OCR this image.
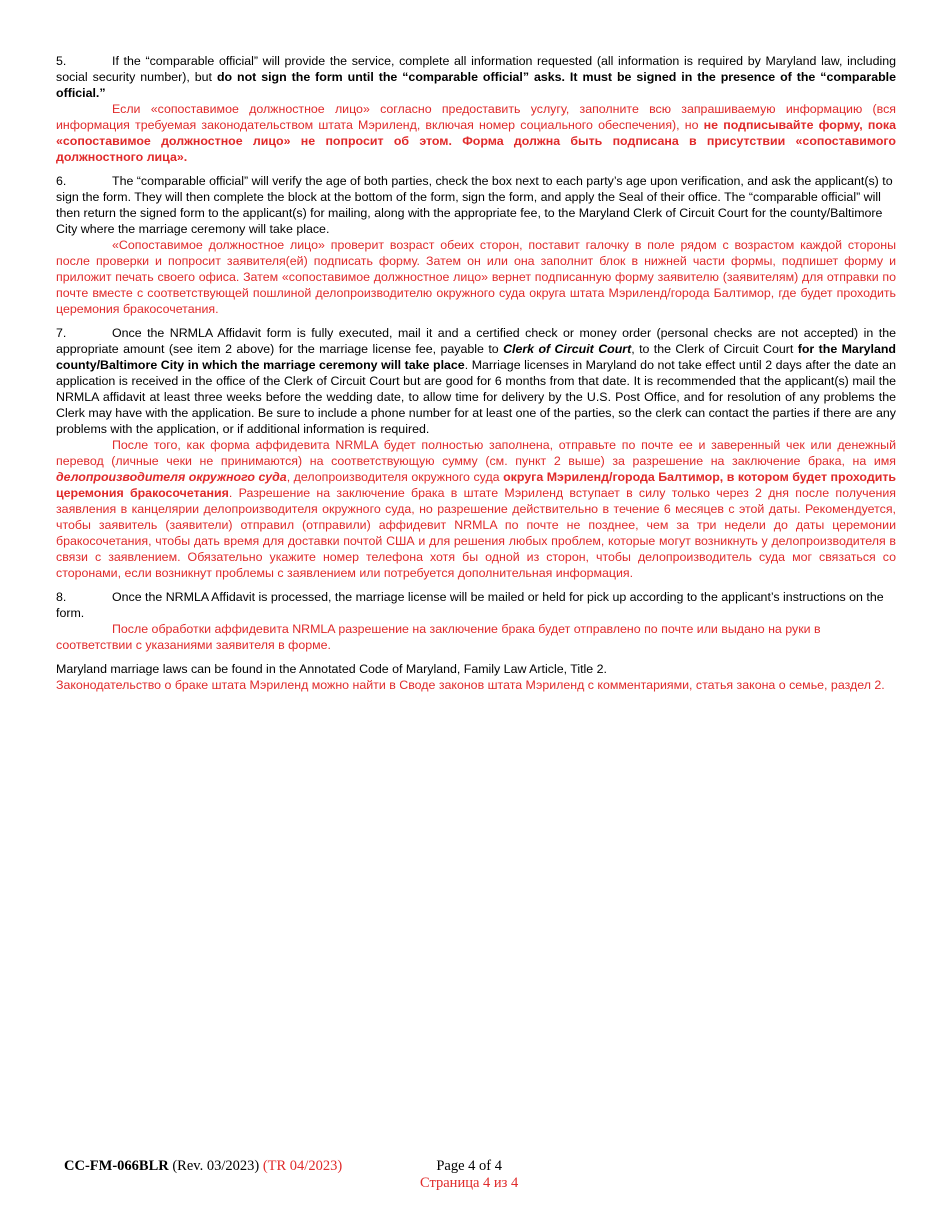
5.	If the “comparable official” will provide the service, complete all information requested (all information is required by Maryland law, including social security number), but do not sign the form until the “comparable official” asks. It must be signed in the presence of the “comparable official.”
Если «сопоставимое должностное лицо» согласно предоставить услугу, заполните всю запрашиваемую информацию (вся информация требуемая законодательством штата Мэриленд, включая номер социального обеспечения), но не подписывайте форму, пока «сопоставимое должностное лицо» не попросит об этом. Форма должна быть подписана в присутствии «сопоставимого должностного лица».
6.	The “comparable official” will verify the age of both parties, check the box next to each party’s age upon verification, and ask the applicant(s) to sign the form. They will then complete the block at the bottom of the form, sign the form, and apply the Seal of their office. The “comparable official” will then return the signed form to the applicant(s) for mailing, along with the appropriate fee, to the Maryland Clerk of Circuit Court for the county/Baltimore City where the marriage ceremony will take place.
«Сопоставимое должностное лицо» проверит возраст обеих сторон, поставит галочку в поле рядом с возрастом каждой стороны после проверки и попросит заявителя(ей) подписать форму. Затем он или она заполнит блок в нижней части формы, подпишет форму и приложит печать своего офиса. Затем «сопоставимое должностное лицо» вернет подписанную форму заявителю (заявителям) для отправки по почте вместе с соответствующей пошлиной делопроизводителю окружного суда округа штата Мэриленд/города Балтимор, где будет проходить церемония бракосочетания.
7.	Once the NRMLA Affidavit form is fully executed, mail it and a certified check or money order (personal checks are not accepted) in the appropriate amount (see item 2 above) for the marriage license fee, payable to Clerk of Circuit Court, to the Clerk of Circuit Court for the Maryland county/Baltimore City in which the marriage ceremony will take place. Marriage licenses in Maryland do not take effect until 2 days after the date an application is received in the office of the Clerk of Circuit Court but are good for 6 months from that date. It is recommended that the applicant(s) mail the NRMLA affidavit at least three weeks before the wedding date, to allow time for delivery by the U.S. Post Office, and for resolution of any problems the Clerk may have with the application. Be sure to include a phone number for at least one of the parties, so the clerk can contact the parties if there are any problems with the application, or if additional information is required.
После того, как форма аффидевита NRMLA будет полностью заполнена, отправьте по почте ее и заверенный чек или денежный перевод (личные чеки не принимаются) на соответствующую сумму (см. пункт 2 выше) за разрешение на заключение брака, на имя делопроизводителя окружного суда, делопроизводителя окружного суда округа Мэриленд/города Балтимор, в котором будет проходить церемония бракосочетания. Разрешение на заключение брака в штате Мэриленд вступает в силу только через 2 дня после получения заявления в канцелярии делопроизводителя окружного суда, но разрешение действительно в течение 6 месяцев с этой даты. Рекомендуется, чтобы заявитель (заявители) отправил (отправили) аффидевит NRMLA по почте не позднее, чем за три недели до даты церемонии бракосочетания, чтобы дать время для доставки почтой США и для решения любых проблем, которые могут возникнуть у делопроизводителя в связи с заявлением. Обязательно укажите номер телефона хотя бы одной из сторон, чтобы делопроизводитель суда мог связаться со сторонами, если возникнут проблемы с заявлением или потребуется дополнительная информация.
8.	Once the NRMLA Affidavit is processed, the marriage license will be mailed or held for pick up according to the applicant’s instructions on the form.
После обработки аффидевита NRMLA разрешение на заключение брака будет отправлено по почте или выдано на руки в соответствии с указаниями заявителя в форме.
Maryland marriage laws can be found in the Annotated Code of Maryland, Family Law Article, Title 2.
Законодательство о браке штата Мэриленд можно найти в Своде законов штата Мэриленд с комментариями, статья закона о семье, раздел 2.
CC-FM-066BLR (Rev. 03/2023) (TR 04/2023)	Page 4 of 4
Страница 4 из 4
